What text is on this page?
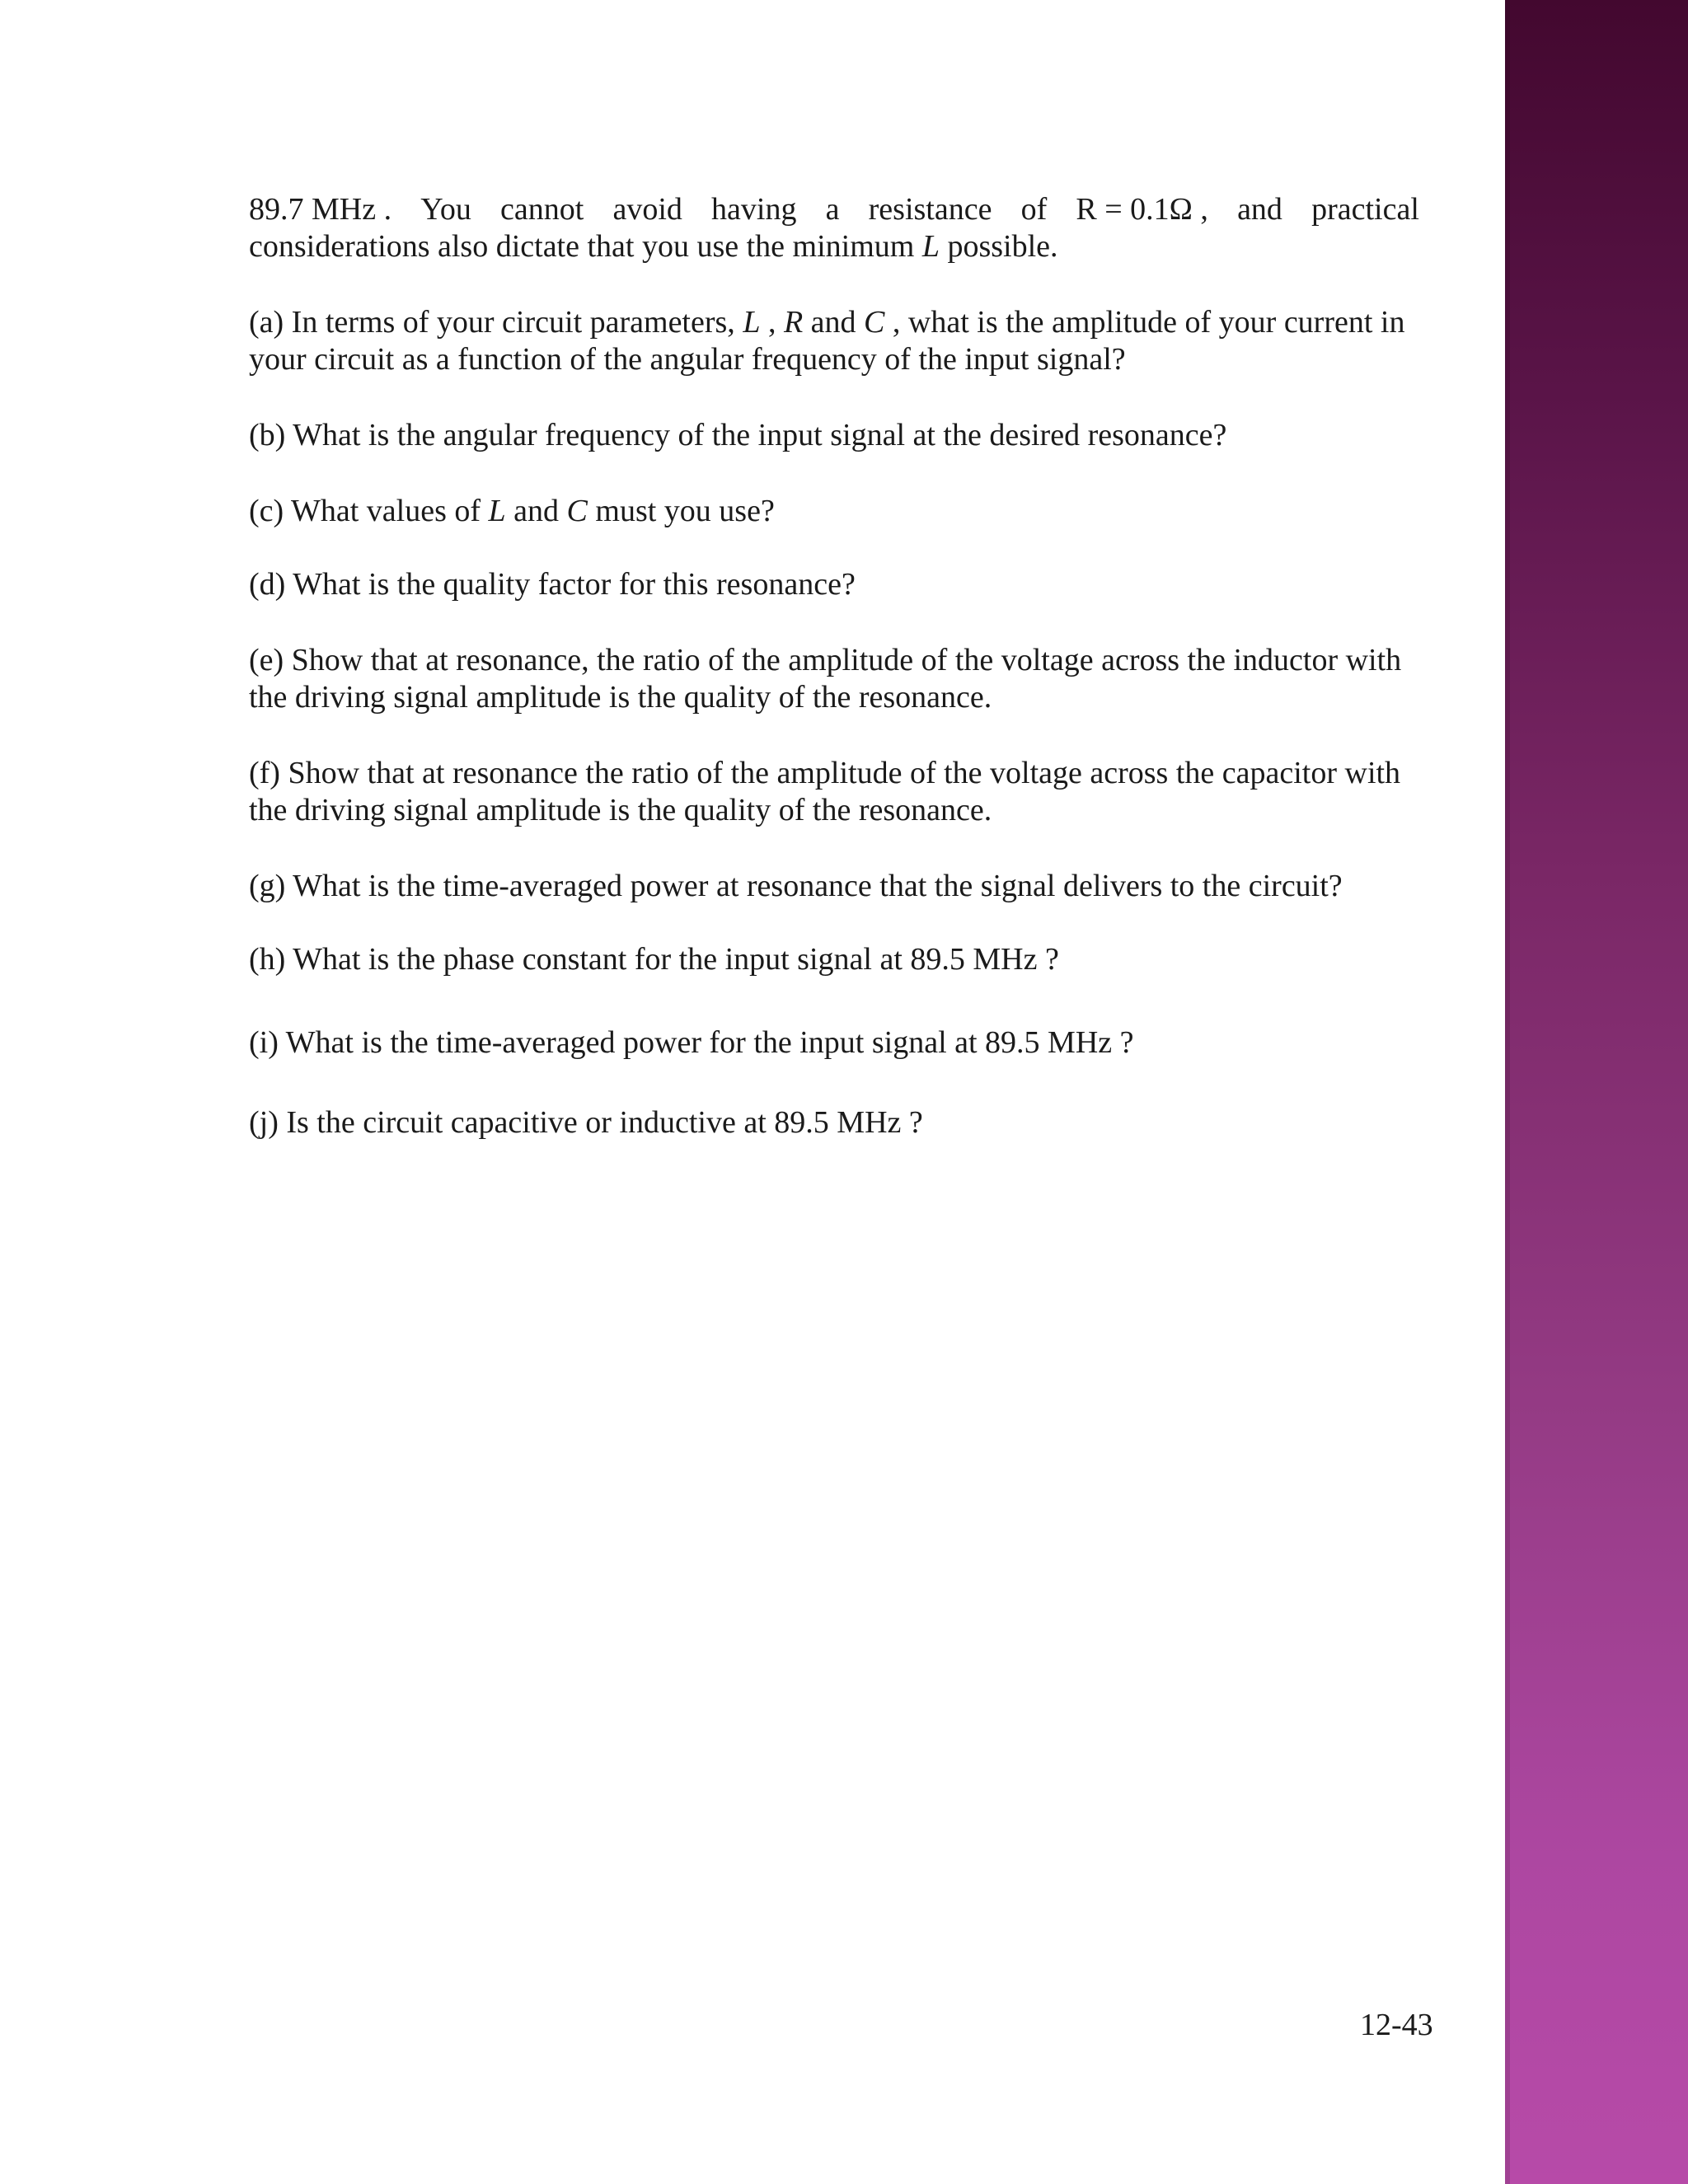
89.7 MHz . You cannot avoid having a resistance of R = 0.1Ω , and practical
considerations also dictate that you use the minimum L possible.

(a) In terms of your circuit parameters, L , R and C , what is the amplitude of your current in your circuit as a function of the angular frequency of the input signal?

(b) What is the angular frequency of the input signal at the desired resonance?

(c) What values of L and C must you use?

(d) What is the quality factor for this resonance?

(e) Show that at resonance, the ratio of the amplitude of the voltage across the inductor with the driving signal amplitude is the quality of the resonance.

(f) Show that at resonance the ratio of the amplitude of the voltage across the capacitor with the driving signal amplitude is the quality of the resonance.

(g) What is the time-averaged power at resonance that the signal delivers to the circuit?

(h) What is the phase constant for the input signal at 89.5 MHz ?

(i) What is the time-averaged power for the input signal at 89.5 MHz ?

(j) Is the circuit capacitive or inductive at 89.5 MHz ?

12-43
